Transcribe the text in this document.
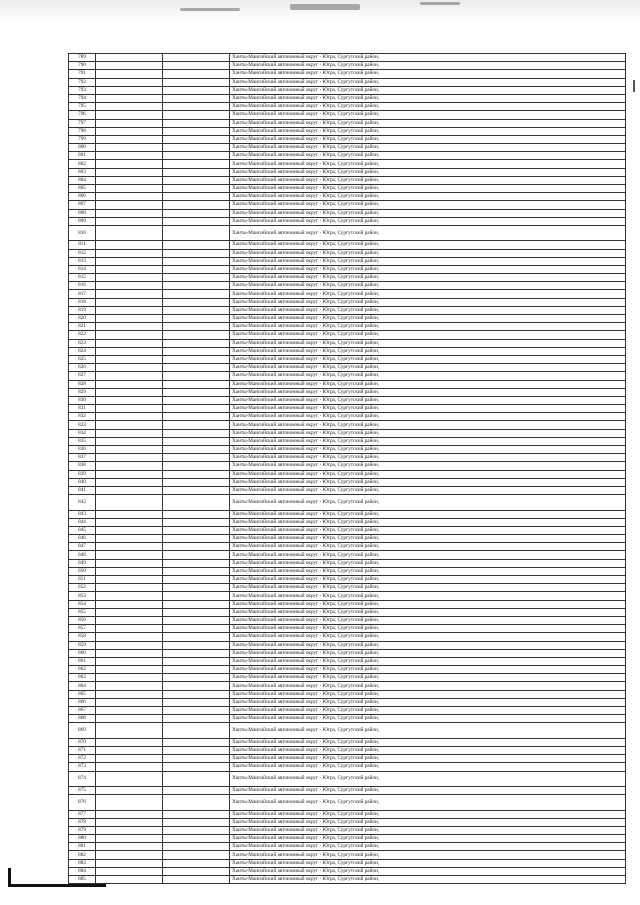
789			Ханты-Мансийский автономный округ - Югра, Сургутский район,
790			Ханты-Мансийский автономный округ - Югра, Сургутский район,
791			Ханты-Мансийский автономный округ - Югра, Сургутский район,
792			Ханты-Мансийский автономный округ - Югра, Сургутский район,
793			Ханты-Мансийский автономный округ - Югра, Сургутский район,
794			Ханты-Мансийский автономный округ - Югра, Сургутский район,
795			Ханты-Мансийский автономный округ - Югра, Сургутский район,
796			Ханты-Мансийский автономный округ - Югра, Сургутский район,
797			Ханты-Мансийский автономный округ - Югра, Сургутский район,
798			Ханты-Мансийский автономный округ - Югра, Сургутский район,
799			Ханты-Мансийский автономный округ - Югра, Сургутский район,
800			Ханты-Мансийский автономный округ - Югра, Сургутский район,
801			Ханты-Мансийский автономный округ - Югра, Сургутский район,
802			Ханты-Мансийский автономный округ - Югра, Сургутский район,
803			Ханты-Мансийский автономный округ - Югра, Сургутский район,
804			Ханты-Мансийский автономный округ - Югра, Сургутский район,
805			Ханты-Мансийский автономный округ - Югра, Сургутский район,
806			Ханты-Мансийский автономный округ - Югра, Сургутский район,
807			Ханты-Мансийский автономный округ - Югра, Сургутский район,
808			Ханты-Мансийский автономный округ - Югра, Сургутский район,
809			Ханты-Мансийский автономный округ - Югра, Сургутский район,
810			Ханты-Мансийский автономный округ - Югра, Сургутский район,
811			Ханты-Мансийский автономный округ - Югра, Сургутский район,
812			Ханты-Мансийский автономный округ - Югра, Сургутский район,
813			Ханты-Мансийский автономный округ - Югра, Сургутский район,
814			Ханты-Мансийский автономный округ - Югра, Сургутский район,
815			Ханты-Мансийский автономный округ - Югра, Сургутский район,
816			Ханты-Мансийский автономный округ - Югра, Сургутский район,
817			Ханты-Мансийский автономный округ - Югра, Сургутский район,
818			Ханты-Мансийский автономный округ - Югра, Сургутский район,
819			Ханты-Мансийский автономный округ - Югра, Сургутский район,
820			Ханты-Мансийский автономный округ - Югра, Сургутский район,
821			Ханты-Мансийский автономный округ - Югра, Сургутский район,
822			Ханты-Мансийский автономный округ - Югра, Сургутский район,
823			Ханты-Мансийский автономный округ - Югра, Сургутский район,
824			Ханты-Мансийский автономный округ - Югра, Сургутский район,
825			Ханты-Мансийский автономный округ - Югра, Сургутский район,
826			Ханты-Мансийский автономный округ - Югра, Сургутский район,
827			Ханты-Мансийский автономный округ - Югра, Сургутский район,
828			Ханты-Мансийский автономный округ - Югра, Сургутский район,
829			Ханты-Мансийский автономный округ - Югра, Сургутский район,
830			Ханты-Мансийский автономный округ - Югра, Сургутский район,
831			Ханты-Мансийский автономный округ - Югра, Сургутский район,
832			Ханты-Мансийский автономный округ - Югра, Сургутский район,
833			Ханты-Мансийский автономный округ - Югра, Сургутский район,
834			Ханты-Мансийский автономный округ - Югра, Сургутский район,
835			Ханты-Мансийский автономный округ - Югра, Сургутский район,
836			Ханты-Мансийский автономный округ - Югра, Сургутский район,
837			Ханты-Мансийский автономный округ - Югра, Сургутский район,
838			Ханты-Мансийский автономный округ - Югра, Сургутский район,
839			Ханты-Мансийский автономный округ - Югра, Сургутский район,
840			Ханты-Мансийский автономный округ - Югра, Сургутский район,
841			Ханты-Мансийский автономный округ - Югра, Сургутский район,
842			Ханты-Мансийский автономный округ - Югра, Сургутский район,
843			Ханты-Мансийский автономный округ - Югра, Сургутский район,
844			Ханты-Мансийский автономный округ - Югра, Сургутский район,
845			Ханты-Мансийский автономный округ - Югра, Сургутский район,
846			Ханты-Мансийский автономный округ - Югра, Сургутский район,
847			Ханты-Мансийский автономный округ - Югра, Сургутский район,
848			Ханты-Мансийский автономный округ - Югра, Сургутский район,
849			Ханты-Мансийский автономный округ - Югра, Сургутский район,
850			Ханты-Мансийский автономный округ - Югра, Сургутский район,
851			Ханты-Мансийский автономный округ - Югра, Сургутский район,
852			Ханты-Мансийский автономный округ - Югра, Сургутский район,
853			Ханты-Мансийский автономный округ - Югра, Сургутский район,
854			Ханты-Мансийский автономный округ - Югра, Сургутский район,
855			Ханты-Мансийский автономный округ - Югра, Сургутский район,
856			Ханты-Мансийский автономный округ - Югра, Сургутский район,
857			Ханты-Мансийский автономный округ - Югра, Сургутский район,
858			Ханты-Мансийский автономный округ - Югра, Сургутский район,
859			Ханты-Мансийский автономный округ - Югра, Сургутский район,
860			Ханты-Мансийский автономный округ - Югра, Сургутский район,
861			Ханты-Мансийский автономный округ - Югра, Сургутский район,
862			Ханты-Мансийский автономный округ - Югра, Сургутский район,
863			Ханты-Мансийский автономный округ - Югра, Сургутский район,
864			Ханты-Мансийский автономный округ - Югра, Сургутский район,
865			Ханты-Мансийский автономный округ - Югра, Сургутский район,
866			Ханты-Мансийский автономный округ - Югра, Сургутский район,
867			Ханты-Мансийский автономный округ - Югра, Сургутский район,
868			Ханты-Мансийский автономный округ - Югра, Сургутский район,
869			Ханты-Мансийский автономный округ - Югра, Сургутский район,
870			Ханты-Мансийский автономный округ - Югра, Сургутский район,
871			Ханты-Мансийский автономный округ - Югра, Сургутский район,
872			Ханты-Мансийский автономный округ - Югра, Сургутский район,
873			Ханты-Мансийский автономный округ - Югра, Сургутский район,
874			Ханты-Мансийский автономный округ - Югра, Сургутский район,
875			Ханты-Мансийский автономный округ - Югра, Сургутский район,
876			Ханты-Мансийский автономный округ - Югра, Сургутский район,
877			Ханты-Мансийский автономный округ - Югра, Сургутский район,
878			Ханты-Мансийский автономный округ - Югра, Сургутский район,
879			Ханты-Мансийский автономный округ - Югра, Сургутский район,
880			Ханты-Мансийский автономный округ - Югра, Сургутский район,
881			Ханты-Мансийский автономный округ - Югра, Сургутский район,
882			Ханты-Мансийский автономный округ - Югра, Сургутский район,
883			Ханты-Мансийский автономный округ - Югра, Сургутский район,
884			Ханты-Мансийский автономный округ - Югра, Сургутский район,
885			Ханты-Мансийский автономный округ - Югра, Сургутский район,
